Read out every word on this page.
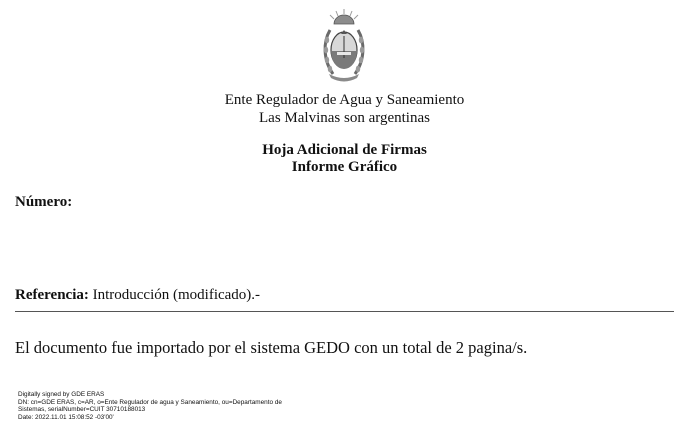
Ente Regulador de Agua y Saneamiento
Las Malvinas son argentinas
Hoja Adicional de Firmas
Informe Gráfico
Número:
Referencia: Introducción (modificado).-
El documento fue importado por el sistema GEDO con un total de 2 pagina/s.
Digitally signed by GDE ERAS
DN: cn=GDE ERAS, c=AR, o=Ente Regulador de agua y Saneamiento, ou=Departamento de
Sistemas, serialNumber=CUIT 30710188013
Date: 2022.11.01 15:08:52 -03'00'
